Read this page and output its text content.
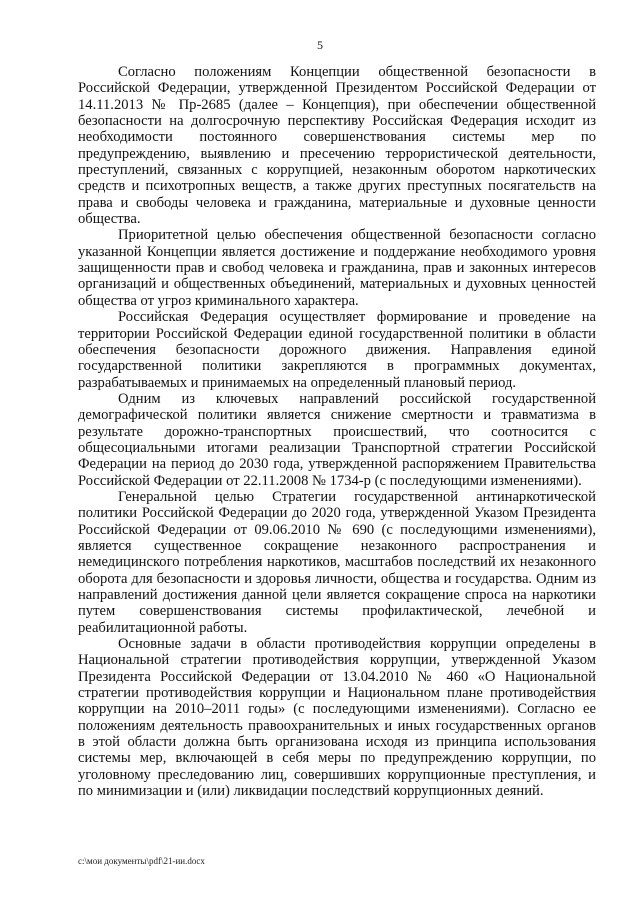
5

Согласно положениям Концепции общественной безопасности в Российской Федерации, утвержденной Президентом Российской Федерации от 14.11.2013 № Пр-2685 (далее – Концепция), при обеспечении общественной безопасности на долгосрочную перспективу Российская Федерация исходит из необходимости постоянного совершенствования системы мер по предупреждению, выявлению и пресечению террористической деятельности, преступлений, связанных с коррупцией, незаконным оборотом наркотических средств и психотропных веществ, а также других преступных посягательств на права и свободы человека и гражданина, материальные и духовные ценности общества.

Приоритетной целью обеспечения общественной безопасности согласно указанной Концепции является достижение и поддержание необходимого уровня защищенности прав и свобод человека и гражданина, прав и законных интересов организаций и общественных объединений, материальных и духовных ценностей общества от угроз криминального характера.

Российская Федерация осуществляет формирование и проведение на территории Российской Федерации единой государственной политики в области обеспечения безопасности дорожного движения. Направления единой государственной политики закрепляются в программных документах, разрабатываемых и принимаемых на определенный плановый период.

Одним из ключевых направлений российской государственной демографической политики является снижение смертности и травматизма в результате дорожно-транспортных происшествий, что соотносится с общесоциальными итогами реализации Транспортной стратегии Российской Федерации на период до 2030 года, утвержденной распоряжением Правительства Российской Федерации от 22.11.2008 № 1734-р (с последующими изменениями).

Генеральной целью Стратегии государственной антинаркотической политики Российской Федерации до 2020 года, утвержденной Указом Президента Российской Федерации от 09.06.2010 № 690 (с последующими изменениями), является существенное сокращение незаконного распространения и немедицинского потребления наркотиков, масштабов последствий их незаконного оборота для безопасности и здоровья личности, общества и государства. Одним из направлений достижения данной цели является сокращение спроса на наркотики путем совершенствования системы профилактической, лечебной и реабилитационной работы.

Основные задачи в области противодействия коррупции определены в Национальной стратегии противодействия коррупции, утвержденной Указом Президента Российской Федерации от 13.04.2010 № 460 «О Национальной стратегии противодействия коррупции и Национальном плане противодействия коррупции на 2010–2011 годы» (с последующими изменениями). Согласно ее положениям деятельность правоохранительных и иных государственных органов в этой области должна быть организована исходя из принципа использования системы мер, включающей в себя меры по предупреждению коррупции, по уголовному преследованию лиц, совершивших коррупционные преступления, и по минимизации и (или) ликвидации последствий коррупционных деяний.

c:\мои документы\pdf\21-ии.docx
